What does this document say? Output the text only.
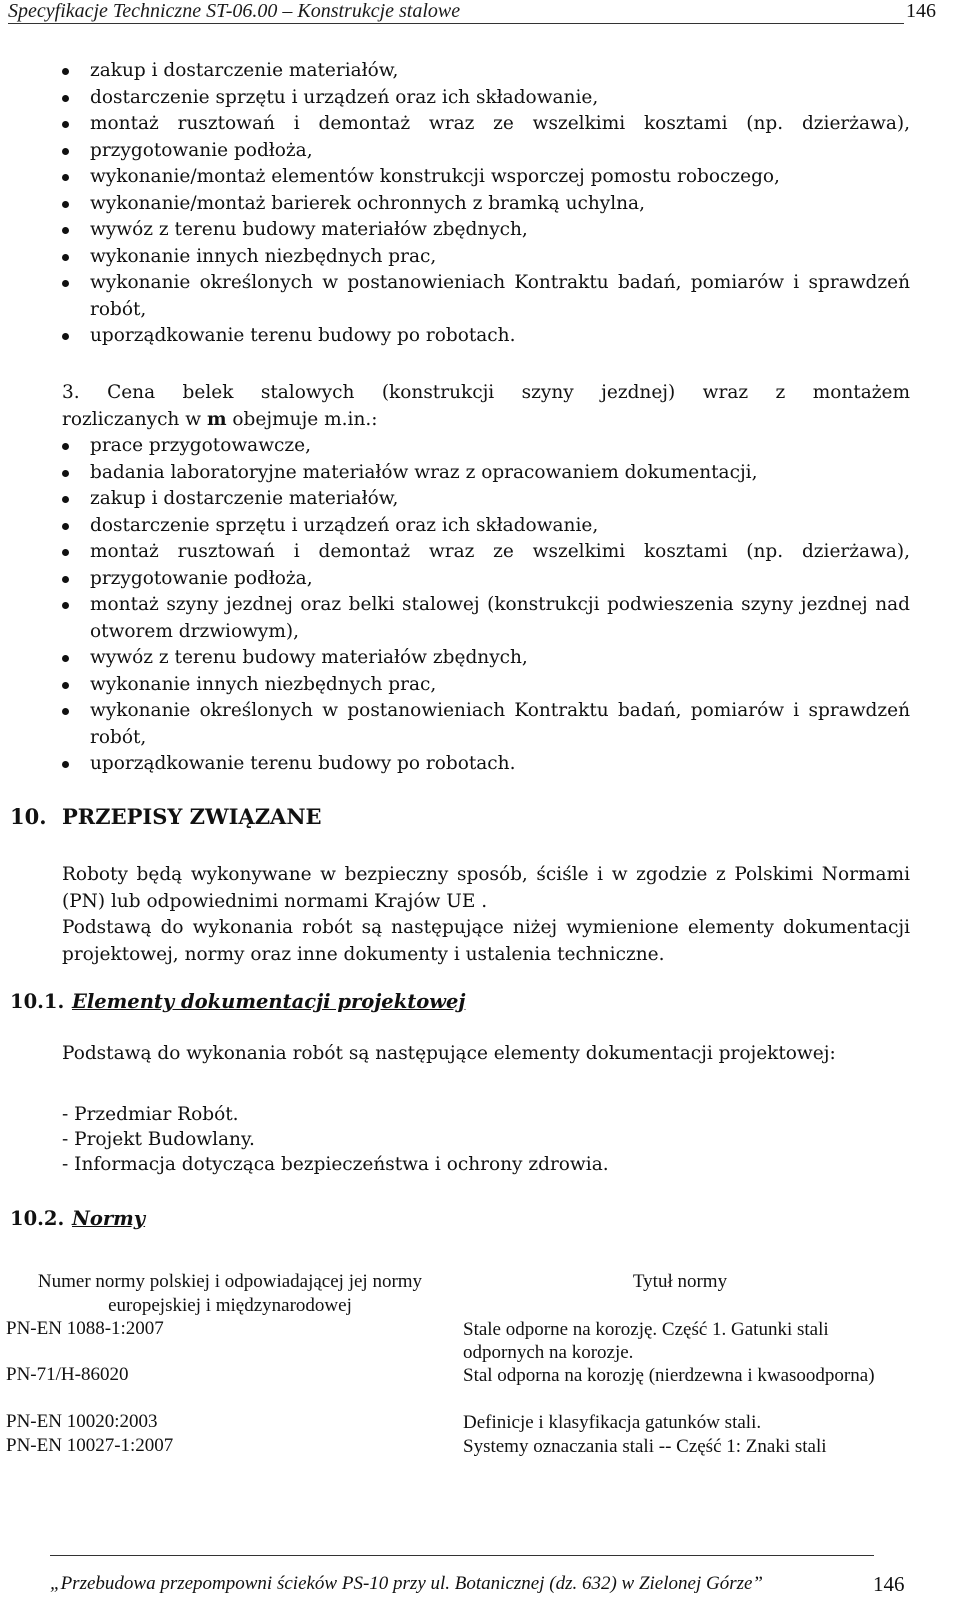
Specyfikacje Techniczne ST-06.00 – Konstrukcje stalowe	146
zakup i dostarczenie materiałów,
dostarczenie sprzętu i urządzeń oraz ich składowanie,
montaż rusztowań i demontaż wraz ze wszelkimi kosztami (np. dzierżawa),
przygotowanie podłoża,
wykonanie/montaż elementów konstrukcji wsporczej pomostu roboczego,
wykonanie/montaż barierek ochronnych z bramką uchylna,
wywóz z terenu budowy materiałów zbędnych,
wykonanie innych niezbędnych prac,
wykonanie określonych w postanowieniach Kontraktu badań, pomiarów i sprawdzeń robót,
uporządkowanie terenu budowy po robotach.
3. Cena belek stalowych (konstrukcji szyny jezdnej) wraz z montażem
rozliczanych w m obejmuje m.in.:
prace przygotowawcze,
badania laboratoryjne materiałów wraz z opracowaniem dokumentacji,
zakup i dostarczenie materiałów,
dostarczenie sprzętu i urządzeń oraz ich składowanie,
montaż rusztowań i demontaż wraz ze wszelkimi kosztami (np. dzierżawa),
przygotowanie podłoża,
montaż szyny jezdnej oraz belki stalowej (konstrukcji podwieszenia szyny jezdnej nad otworem drzwiowym),
wywóz z terenu budowy materiałów zbędnych,
wykonanie innych niezbędnych prac,
wykonanie określonych w postanowieniach Kontraktu badań, pomiarów i sprawdzeń robót,
uporządkowanie terenu budowy po robotach.
10. PRZEPISY ZWIĄZANE
Roboty będą wykonywane w bezpieczny sposób, ściśle i w zgodzie z Polskimi Normami (PN) lub odpowiednimi normami Krajów UE .
Podstawą do wykonania robót są następujące niżej wymienione elementy dokumentacji projektowej, normy oraz inne dokumenty i ustalenia techniczne.
10.1. Elementy dokumentacji projektowej
Podstawą do wykonania robót są następujące elementy dokumentacji projektowej:
- Przedmiar Robót.
- Projekt Budowlany.
- Informacja dotycząca bezpieczeństwa i ochrony zdrowia.
10.2. Normy
Numer normy polskiej i odpowiadającej jej normy europejskiej i międzynarodowej
Tytuł normy
PN-EN 1088-1:2007	Stale odporne na korozję. Część 1. Gatunki stali odpornych na korozje.
PN-71/H-86020	Stal odporna na korozję (nierdzewna i kwasoodporna)
PN-EN 10020:2003	Definicje i klasyfikacja gatunków stali.
PN-EN 10027-1:2007	Systemy oznaczania stali -- Część 1: Znaki stali
„Przebudowa przepompowni ścieków PS-10 przy ul. Botanicznej (dz. 632) w Zielonej Górze”	146
